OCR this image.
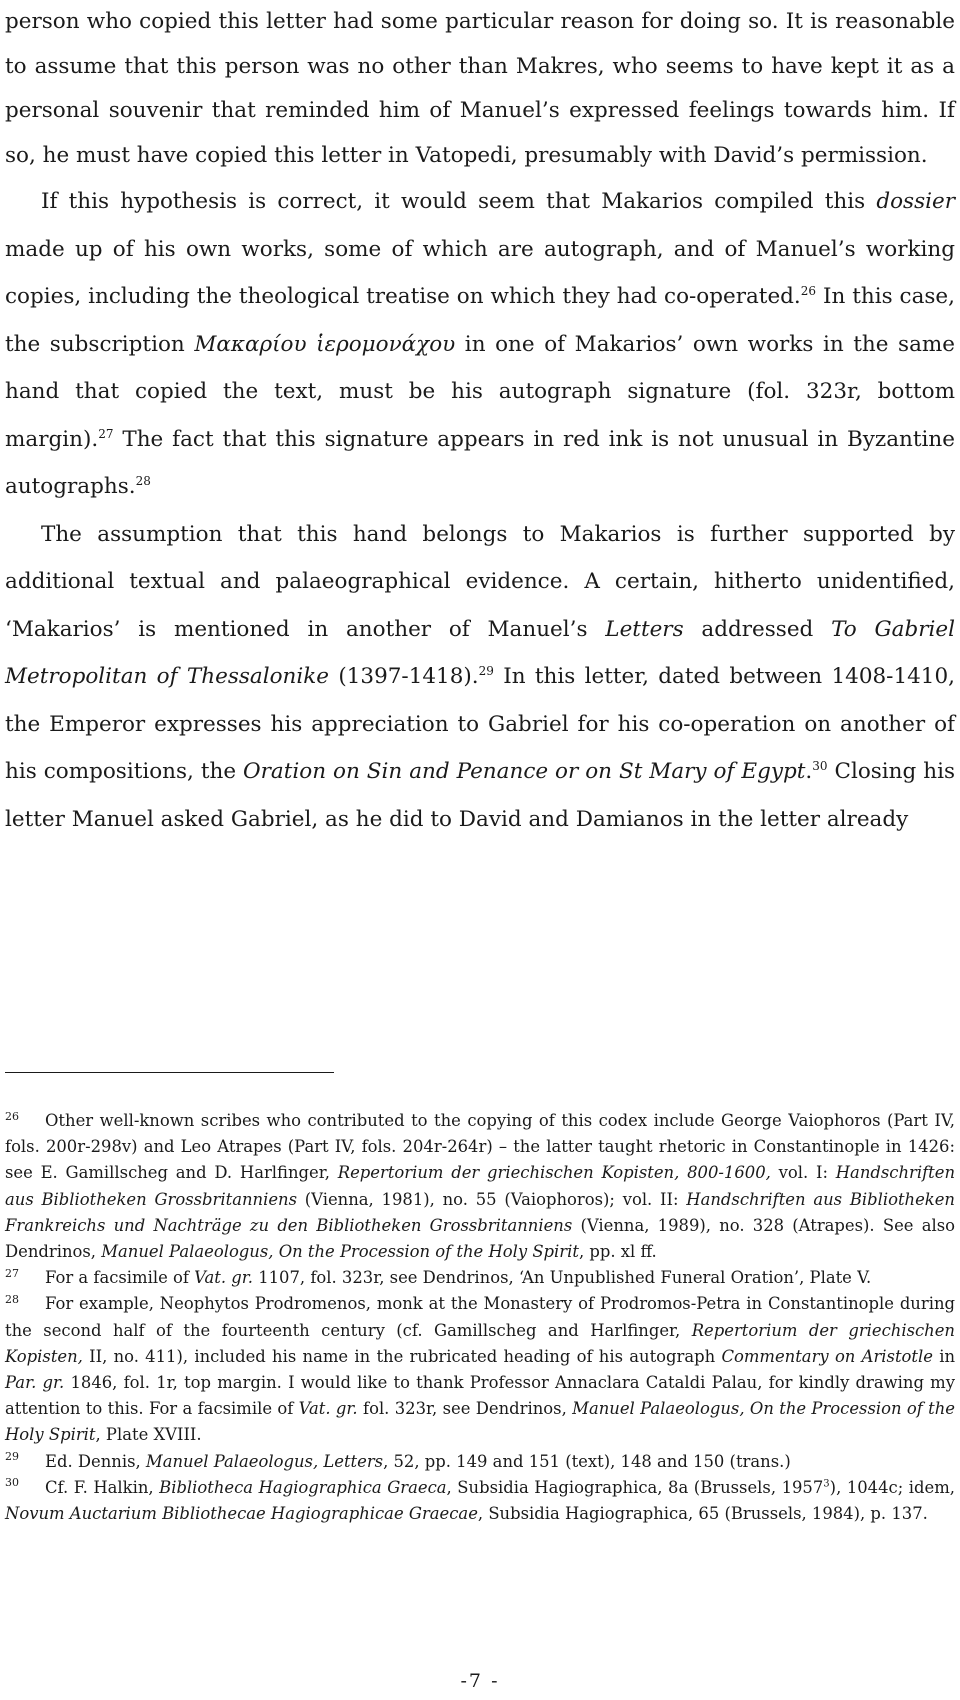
person who copied this letter had some particular reason for doing so. It is reasonable to assume that this person was no other than Makres, who seems to have kept it as a personal souvenir that reminded him of Manuel’s expressed feelings towards him. If so, he must have copied this letter in Vatopedi, presumably with David’s permission.

If this hypothesis is correct, it would seem that Makarios compiled this dossier made up of his own works, some of which are autograph, and of Manuel’s working copies, including the theological treatise on which they had co-operated.$^{26}$ In this case, the subscription Μακαρίου ἱερομονάχου in one of Makarios’ own works in the same hand that copied the text, must be his autograph signature (fol. 323r, bottom margin).$^{27}$ The fact that this signature appears in red ink is not unusual in Byzantine autographs.$^{28}$

The assumption that this hand belongs to Makarios is further supported by additional textual and palaeographical evidence. A certain, hitherto unidentified, ‘Makarios’ is mentioned in another of Manuel’s Letters addressed To Gabriel Metropolitan of Thessalonike (1397-1418).$^{29}$ In this letter, dated between 1408-1410, the Emperor expresses his appreciation to Gabriel for his co-operation on another of his compositions, the Oration on Sin and Penance or on St Mary of Egypt.$^{30}$ Closing his letter Manuel asked Gabriel, as he did to David and Damianos in the letter already

26 Other well-known scribes who contributed to the copying of this codex include George Vaiophoros (Part IV, fols. 200r-298v) and Leo Atrapes (Part IV, fols. 204r-264r) – the latter taught rhetoric in Constantinople in 1426: see E. Gamillscheg and D. Harlfinger, Repertorium der griechischen Kopisten, 800-1600, vol. I: Handschriften aus Bibliotheken Grossbritanniens (Vienna, 1981), no. 55 (Vaiophoros); vol. II: Handschriften aus Bibliotheken Frankreichs und Nachträge zu den Bibliotheken Grossbritanniens (Vienna, 1989), no. 328 (Atrapes). See also Dendrinos, Manuel Palaeologus, On the Procession of the Holy Spirit, pp. xl ff.

27 For a facsimile of Vat. gr. 1107, fol. 323r, see Dendrinos, ‘An Unpublished Funeral Oration’, Plate V.

28 For example, Neophytos Prodromenos, monk at the Monastery of Prodromos-Petra in Constantinople during the second half of the fourteenth century (cf. Gamillscheg and Harlfinger, Repertorium der griechischen Kopisten, II, no. 411), included his name in the rubricated heading of his autograph Commentary on Aristotle in Par. gr. 1846, fol. 1r, top margin. I would like to thank Professor Annaclara Cataldi Palau, for kindly drawing my attention to this. For a facsimile of Vat. gr. fol. 323r, see Dendrinos, Manuel Palaeologus, On the Procession of the Holy Spirit, Plate XVIII.

29 Ed. Dennis, Manuel Palaeologus, Letters, 52, pp. 149 and 151 (text), 148 and 150 (trans.)

30 Cf. F. Halkin, Bibliotheca Hagiographica Graeca, Subsidia Hagiographica, 8a (Brussels, 1957$^3$), 1044c; idem, Novum Auctarium Bibliothecae Hagiographicae Graecae, Subsidia Hagiographica, 65 (Brussels, 1984), p. 137.

-7 -
